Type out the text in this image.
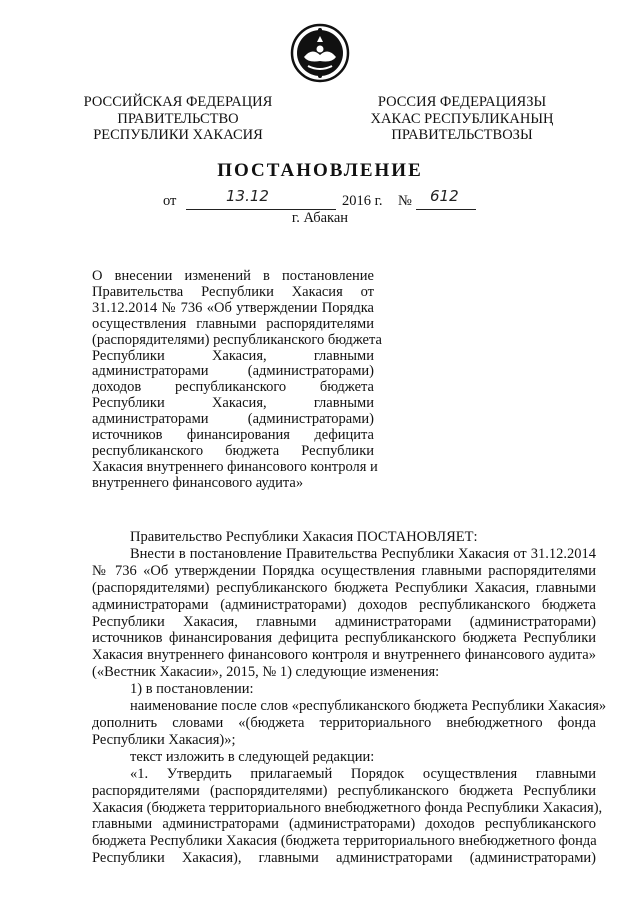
РОССИЙСКАЯ ФЕДЕРАЦИЯ
ПРАВИТЕЛЬСТВО
РЕСПУБЛИКИ ХАКАСИЯ
РОССИЯ ФЕДЕРАЦИЯЗЫ
ХАКАС РЕСПУБЛИКАНЫҢ
ПРАВИТЕЛЬСТВОЗЫ
ПОСТАНОВЛЕНИЕ
от	13.12	2016 г. № 612
г. Абакан
О внесении изменений в постановление
Правительства Республики Хакасия от
31.12.2014 № 736 «Об утверждении Порядка
осуществления главными распорядителями
(распорядителями) республиканского бюджета
Республики Хакасия, главными
администраторами (администраторами)
доходов республиканского бюджета
Республики Хакасия, главными
администраторами (администраторами)
источников финансирования дефицита
республиканского бюджета Республики
Хакасия внутреннего финансового контроля и
внутреннего финансового аудита»
Правительство Республики Хакасия ПОСТАНОВЛЯЕТ:
Внести в постановление Правительства Республики Хакасия от 31.12.2014
№ 736 «Об утверждении Порядка осуществления главными распорядителями
(распорядителями) республиканского бюджета Республики Хакасия, главными
администраторами (администраторами) доходов республиканского бюджета
Республики Хакасия, главными администраторами (администраторами)
источников финансирования дефицита республиканского бюджета Республики
Хакасия внутреннего финансового контроля и внутреннего финансового аудита»
(«Вестник Хакасии», 2015, № 1) следующие изменения:
1) в постановлении:
наименование после слов «республиканского бюджета Республики Хакасия»
дополнить словами «(бюджета территориального внебюджетного фонда
Республики Хакасия)»;
текст изложить в следующей редакции:
«1. Утвердить прилагаемый Порядок осуществления главными
распорядителями (распорядителями) республиканского бюджета Республики
Хакасия (бюджета территориального внебюджетного фонда Республики Хакасия),
главными администраторами (администраторами) доходов республиканского
бюджета Республики Хакасия (бюджета территориального внебюджетного фонда
Республики Хакасия), главными администраторами (администраторами)
